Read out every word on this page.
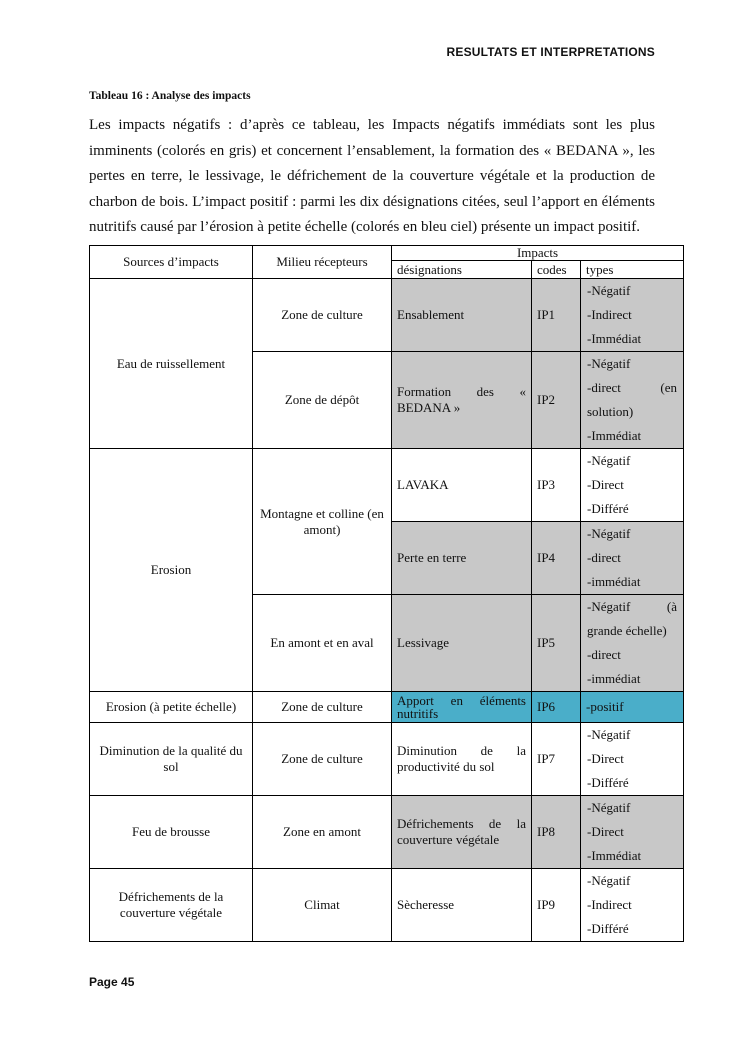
RESULTATS ET INTERPRETATIONS
Tableau 16 : Analyse des impacts
Les impacts négatifs : d’après ce tableau, les Impacts négatifs immédiats sont les plus imminents (colorés en gris) et concernent l’ensablement, la formation des « BEDANA », les pertes en terre, le lessivage, le défrichement de la couverture végétale et la production de charbon de bois. L’impact positif : parmi les dix désignations citées, seul l’apport en éléments nutritifs causé par l’érosion à petite échelle (colorés en bleu ciel) présente un impact positif.
Sources d’impacts	Milieu récepteurs	Impacts		
		désignations	codes	types
Eau de ruissellement	Zone de culture	Ensablement	IP1	-Négatif
-Indirect
-Immédiat

	Zone de dépôt	Formation des « BEDANA »	IP2	-Négatif
-direct (en
solution)
-Immédiat

Erosion	Montagne et colline (en amont)	LAVAKA	IP3	-Négatif
-Direct
-Différé

		Perte en terre	IP4	-Négatif
-direct
-immédiat

	En amont et en aval	Lessivage	IP5	-Négatif (à
grande échelle)
-direct
-immédiat

Erosion (à petite échelle)	Zone de culture	Apport en éléments nutritifs	IP6	-positif
Diminution de la qualité du sol	Zone de culture	Diminution de la productivité du sol	IP7	-Négatif
-Direct
-Différé

Feu de brousse	Zone en amont	Défrichements de la couverture végétale	IP8	-Négatif
-Direct
-Immédiat

Défrichements de la couverture végétale	Climat	Sècheresse	IP9	-Négatif
-Indirect
-Différé
Page 45
